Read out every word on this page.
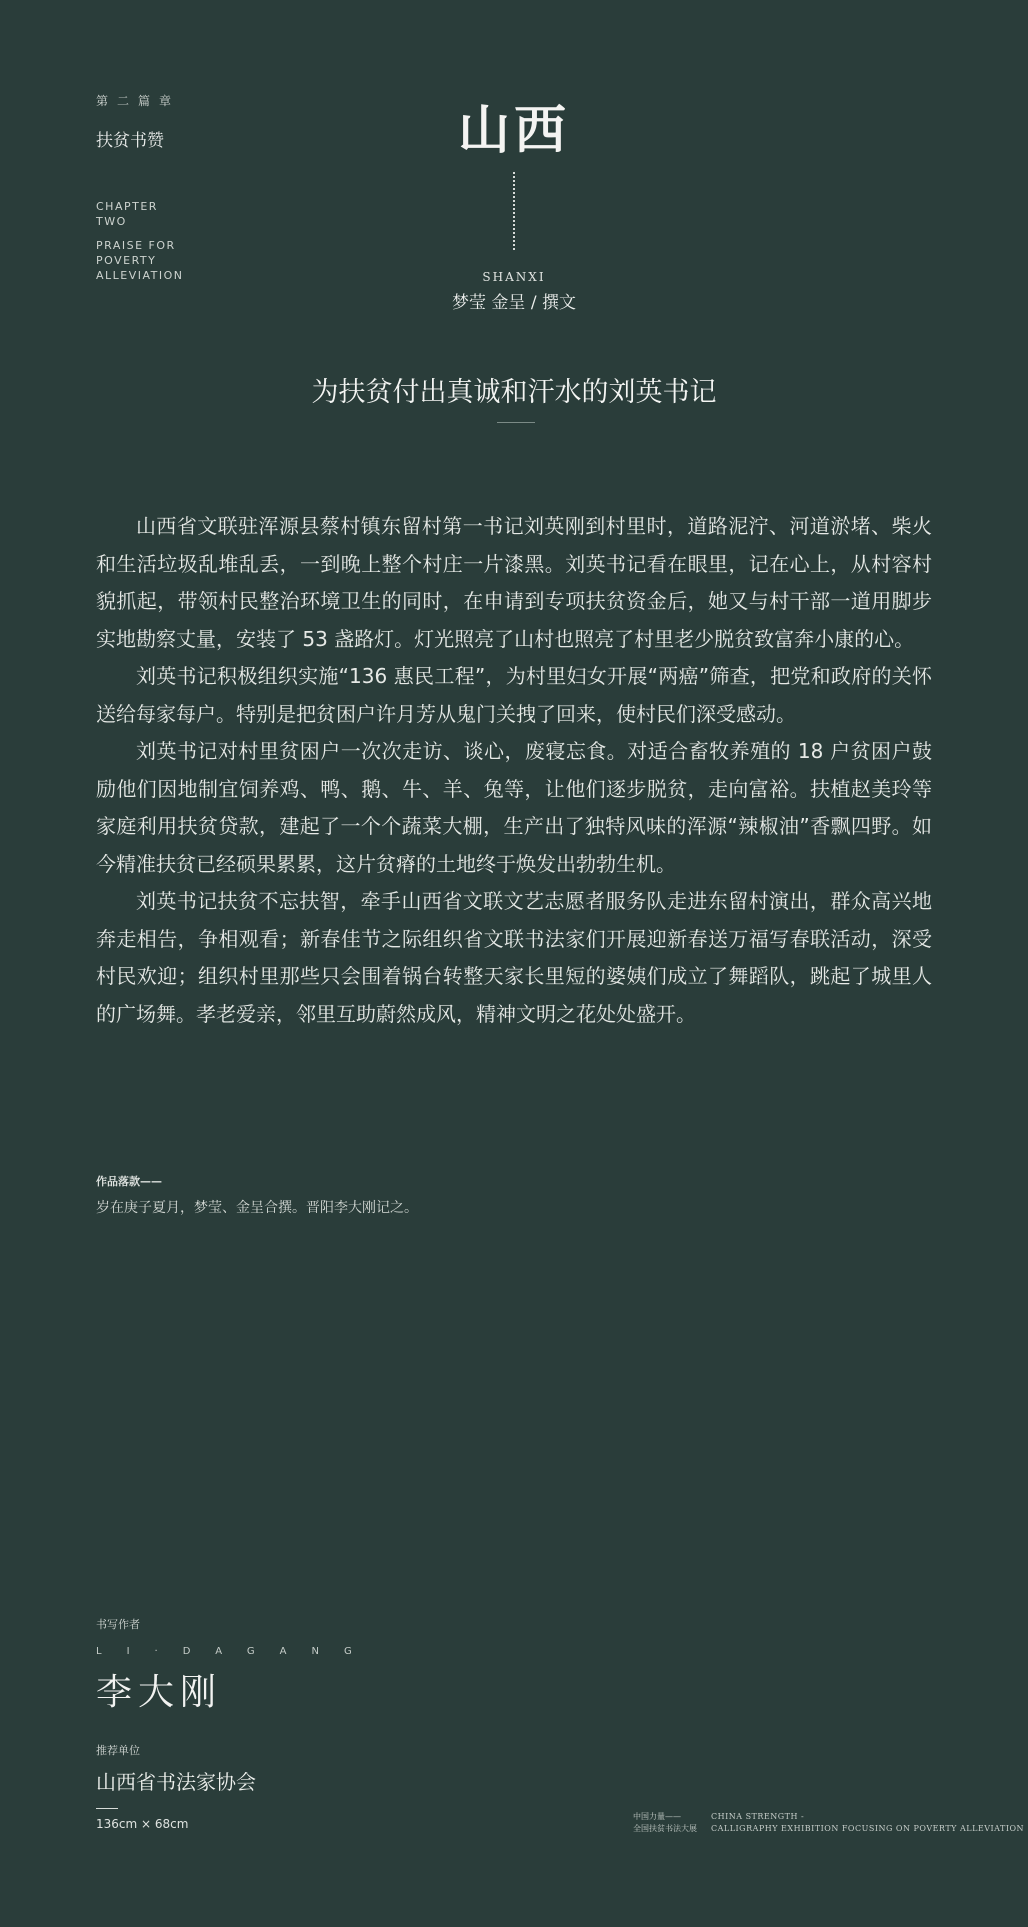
第二篇章
扶贫书赞
CHAPTER
TWO
PRAISE FOR
POVERTY
ALLEVIATION
山西
SHANXI
梦莹 金呈 / 撰文
为扶贫付出真诚和汗水的刘英书记

山西省文联驻浑源县蔡村镇东留村第一书记刘英刚到村里时，道路泥泞、河道淤堵、柴火和生活垃圾乱堆乱丢，一到晚上整个村庄一片漆黑。刘英书记看在眼里，记在心上，从村容村貌抓起，带领村民整治环境卫生的同时，在申请到专项扶贫资金后，她又与村干部一道用脚步实地勘察丈量，安装了 53 盏路灯。灯光照亮了山村也照亮了村里老少脱贫致富奔小康的心。

刘英书记积极组织实施“136 惠民工程”，为村里妇女开展“两癌”筛查，把党和政府的关怀送给每家每户。特别是把贫困户许月芳从鬼门关拽了回来，使村民们深受感动。

刘英书记对村里贫困户一次次走访、谈心，废寝忘食。对适合畜牧养殖的 18 户贫困户鼓励他们因地制宜饲养鸡、鸭、鹅、牛、羊、兔等，让他们逐步脱贫，走向富裕。扶植赵美玲等家庭利用扶贫贷款，建起了一个个蔬菜大棚，生产出了独特风味的浑源“辣椒油”香飘四野。如今精准扶贫已经硕果累累，这片贫瘠的土地终于焕发出勃勃生机。

刘英书记扶贫不忘扶智，牵手山西省文联文艺志愿者服务队走进东留村演出，群众高兴地奔走相告，争相观看；新春佳节之际组织省文联书法家们开展迎新春送万福写春联活动，深受村民欢迎；组织村里那些只会围着锅台转整天家长里短的婆姨们成立了舞蹈队，跳起了城里人的广场舞。孝老爱亲，邻里互助蔚然成风，精神文明之花处处盛开。

作品落款——
岁在庚子夏月，梦莹、金呈合撰。晋阳李大刚记之。
书写作者
LI·DAGANG
李大刚
推荐单位
山西省书法家协会
136cm × 68cm
中国力量——
全国扶贫书法大展
CHINA STRENGTH -
CALLIGRAPHY EXHIBITION FOCUSING ON POVERTY ALLEVIATION
